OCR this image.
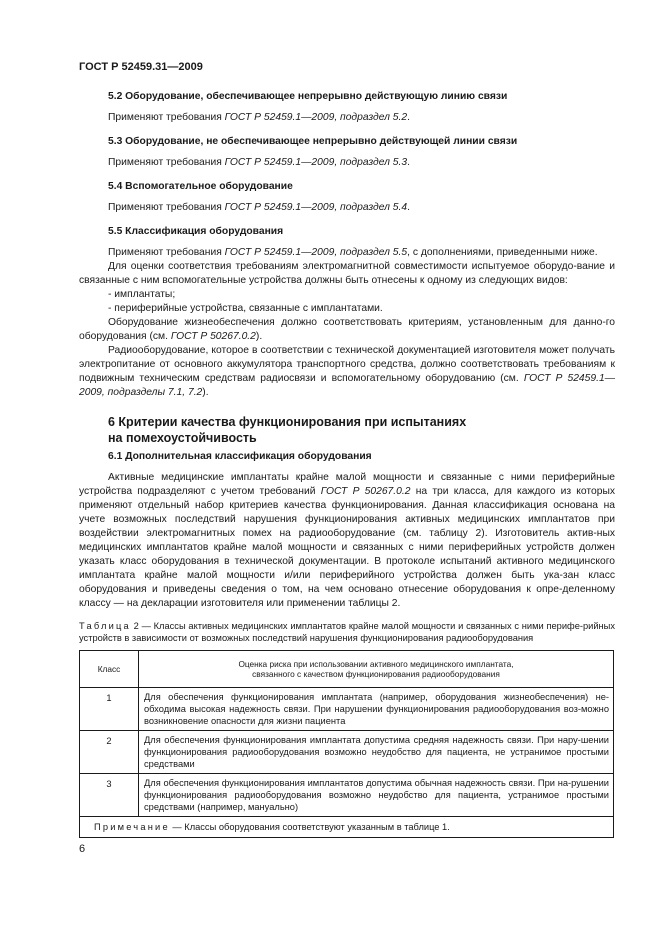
ГОСТ Р 52459.31—2009

5.2 Оборудование, обеспечивающее непрерывно действующую линию связи

Применяют требования ГОСТ Р 52459.1—2009, подраздел 5.2.

5.3 Оборудование, не обеспечивающее непрерывно действующей линии связи

Применяют требования ГОСТ Р 52459.1—2009, подраздел 5.3.

5.4 Вспомогательное оборудование

Применяют требования ГОСТ Р 52459.1—2009, подраздел 5.4.

5.5 Классификация оборудования

Применяют требования ГОСТ Р 52459.1—2009, подраздел 5.5, с дополнениями, приведенными ниже.

Для оценки соответствия требованиям электромагнитной совместимости испытуемое оборудо-вание и связанные с ним вспомогательные устройства должны быть отнесены к одному из следующих видов:

- имплантаты;

- периферийные устройства, связанные с имплантатами.

Оборудование жизнеобеспечения должно соответствовать критериям, установленным для данно-го оборудования (см. ГОСТ Р 50267.0.2).

Радиооборудование, которое в соответствии с технической документацией изготовителя может получать электропитание от основного аккумулятора транспортного средства, должно соответствовать требованиям к подвижным техническим средствам радиосвязи и вспомогательному оборудованию (см. ГОСТ Р 52459.1—2009, подразделы 7.1, 7.2).

6 Критерии качества функционирования при испытаниях

на помехоустойчивость

6.1 Дополнительная классификация оборудования

Активные медицинские имплантаты крайне малой мощности и связанные с ними периферийные устройства подразделяют с учетом требований ГОСТ Р 50267.0.2 на три класса, для каждого из которых применяют отдельный набор критериев качества функционирования. Данная классификация основана на учете возможных последствий нарушения функционирования активных медицинских имплантатов при воздействии электромагнитных помех на радиооборудование (см. таблицу 2). Изготовитель актив-ных медицинских имплантатов крайне малой мощности и связанных с ними периферийных устройств должен указать класс оборудования в технической документации. В протоколе испытаний активного медицинского имплантата крайне малой мощности и/или периферийного устройства должен быть ука-зан класс оборудования и приведены сведения о том, на чем основано отнесение оборудования к опре-деленному классу — на декларации изготовителя или применении таблицы 2.

Таблица 2 — Классы активных медицинских имплантатов крайне малой мощности и связанных с ними перифе-рийных устройств в зависимости от возможных последствий нарушения функционирования радиооборудования

Класс	Оценка риска при использовании активного медицинского имплантата,
связанного с качеством функционирования радиооборудования
1	Для обеспечения функционирования имплантата (например, оборудования жизнеобеспечения) не-обходима высокая надежность связи. При нарушении функционирования радиооборудования воз-можно возникновение опасности для жизни пациента
2	Для обеспечения функционирования имплантата допустима средняя надежность связи. При нару-шении функционирования радиооборудования возможно неудобство для пациента, не устранимое простыми средствами
3	Для обеспечения функционирования имплантатов допустима обычная надежность связи. При на-рушении функционирования радиооборудования возможно неудобство для пациента, устранимое простыми средствами (например, мануально)
Примечание — Классы оборудования соответствуют указанным в таблице 1.	
6
